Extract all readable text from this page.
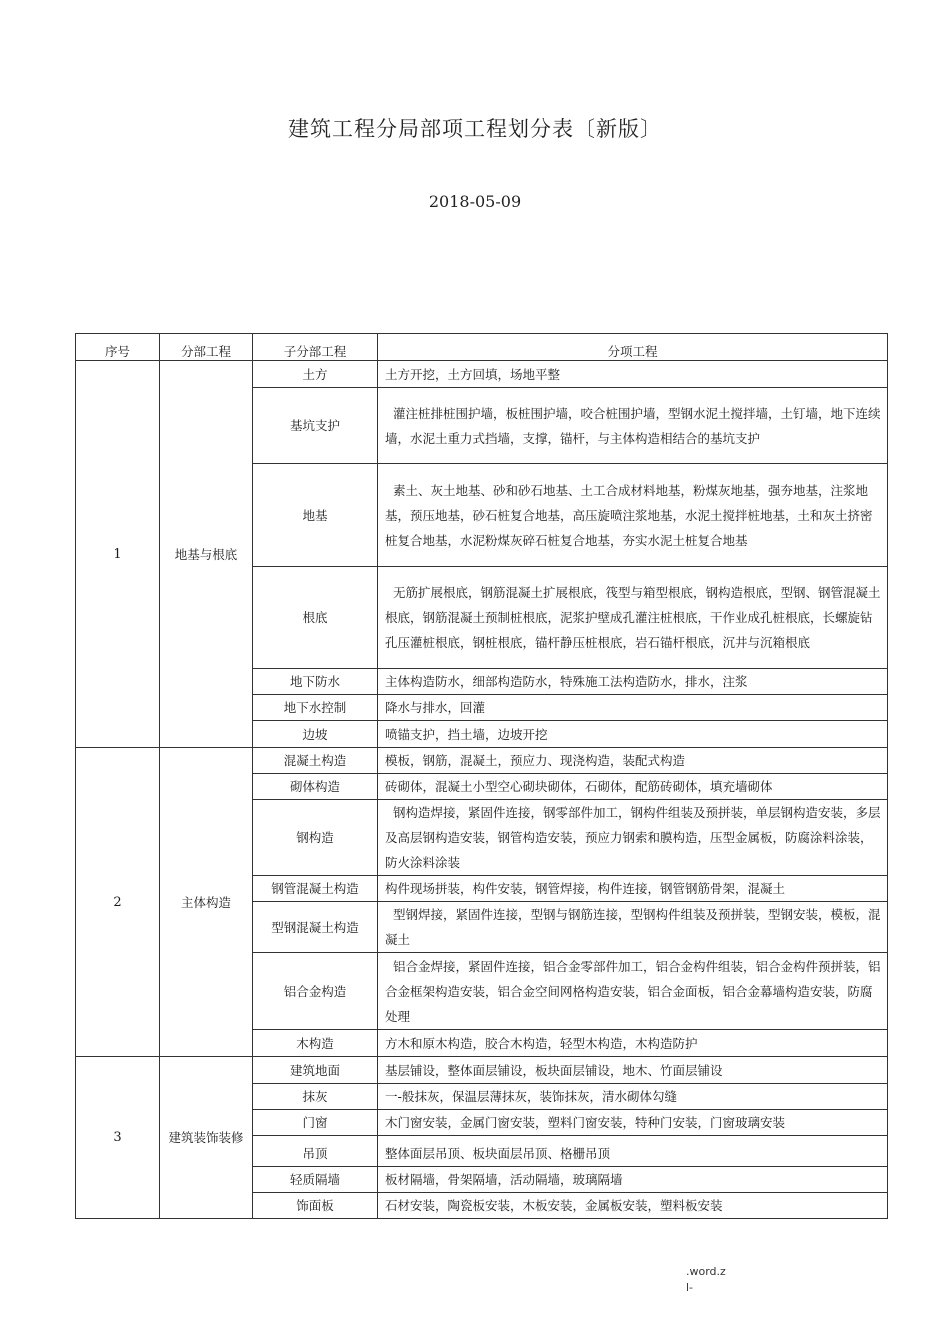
建筑工程分局部项工程划分表〔新版〕
2018-05-09
序号	分部工程	子分部工程	分项工程
1	地基与根底	土方	土方开挖，土方回填，场地平整
		基坑支护	灌注桩排桩围护墙，板桩围护墙，咬合桩围护墙，型钢水泥土搅拌墙，土钉墙，地下连续墙，水泥土重力式挡墙，支撑，锚杆，与主体构造相结合的基坑支护
		地基	素土、灰土地基、砂和砂石地基、土工合成材料地基，粉煤灰地基，强夯地基，注浆地基，预压地基，砂石桩复合地基，高压旋喷注浆地基，水泥土搅拌桩地基，土和灰土挤密桩复合地基，水泥粉煤灰碎石桩复合地基，夯实水泥土桩复合地基
		根底	无筋扩展根底，钢筋混凝土扩展根底，筏型与箱型根底，钢构造根底，型钢、钢管混凝土根底，钢筋混凝土预制桩根底，泥浆护壁成孔灌注桩根底，干作业成孔桩根底，长螺旋钻孔压灌桩根底，钢桩根底，锚杆静压桩根底，岩石锚杆根底，沉井与沉箱根底
		地下防水	主体构造防水，细部构造防水，特殊施工法构造防水，排水，注浆
		地下水控制	降水与排水，回灌
		边坡	喷锚支护，挡土墙，边坡开挖
2	主体构造	混凝土构造	模板，钢筋，混凝土，预应力、现浇构造，装配式构造
		砌体构造	砖砌体，混凝土小型空心砌块砌体，石砌体，配筋砖砌体，填充墙砌体
		钢构造	钢构造焊接，紧固件连接，钢零部件加工，钢构件组装及预拼装，单层钢构造安装，多层及高层钢构造安装，钢管构造安装，预应力钢索和膜构造，压型金属板，防腐涂料涂装，防火涂料涂装
		钢管混凝土构造	构件现场拼装，构件安装，钢管焊接，构件连接，钢管钢筋骨架，混凝土
		型钢混凝土构造	型钢焊接，紧固件连接，型钢与钢筋连接，型钢构件组装及预拼装，型钢安装，模板，混凝土
		铝合金构造	铝合金焊接，紧固件连接，铝合金零部件加工，铝合金构件组装，铝合金构件预拼装，铝合金框架构造安装，铝合金空间网格构造安装，铝合金面板，铝合金幕墙构造安装，防腐处理
		木构造	方木和原木构造，胶合木构造，轻型木构造，木构造防护
3	建筑装饰装修	建筑地面	基层铺设，整体面层铺设，板块面层铺设，地木、竹面层铺设
		抹灰	一-般抹灰，保温层薄抹灰，装饰抹灰，清水砌体勾缝
		门窗	木门窗安装，金属门窗安装，塑料门窗安装，特种门安装，门窗玻璃安装
		吊顶	整体面层吊顶、板块面层吊顶、格栅吊顶
		轻质隔墙	板材隔墙，骨架隔墙，活动隔墙，玻璃隔墙
		饰面板	石材安装，陶瓷板安装，木板安装，金属板安装，塑料板安装
.word.z
l-
